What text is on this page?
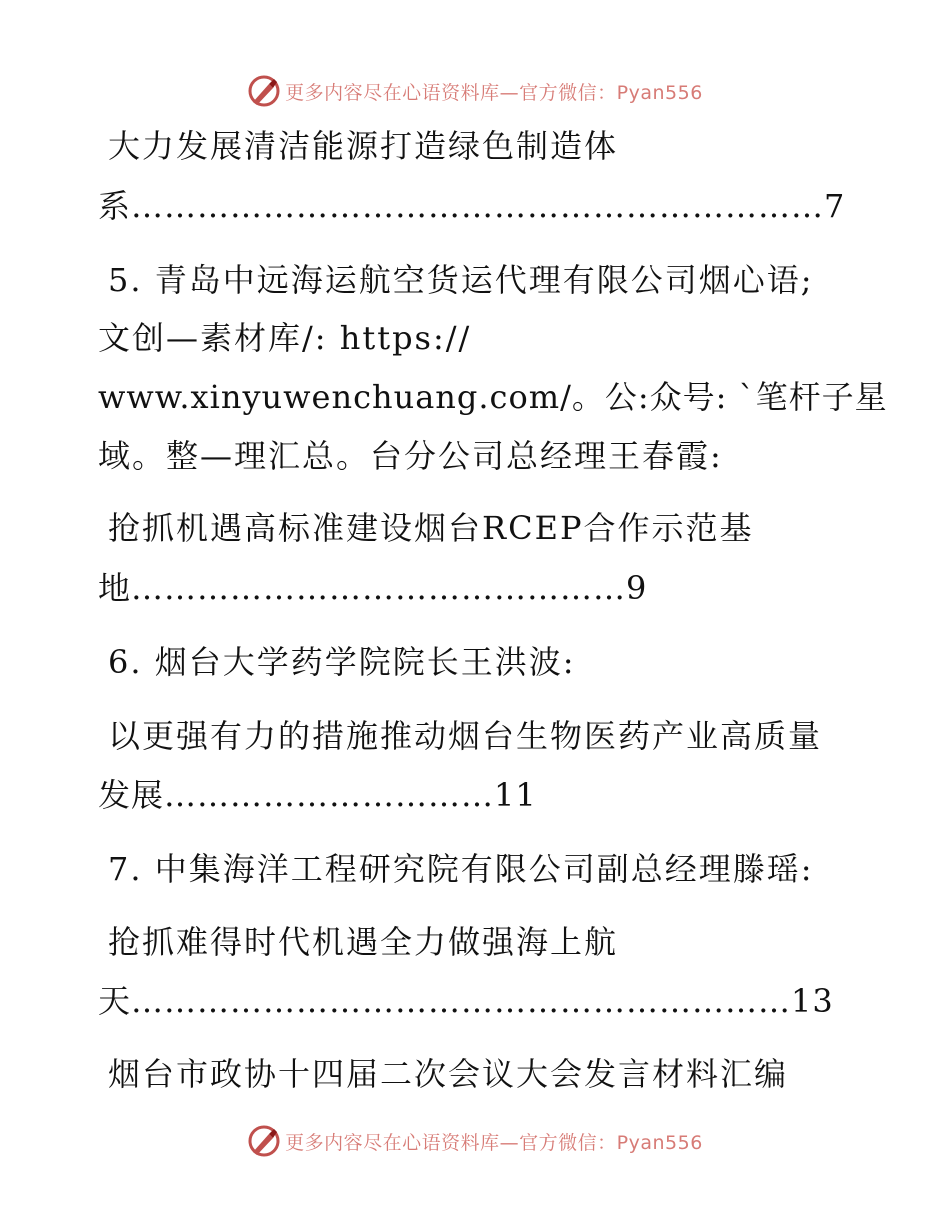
更多内容尽在心语资料库—官方微信：Pyan556
大力发展清洁能源打造绿色制造体
系………………………………………………………7
5. 青岛中远海运航空货运代理有限公司烟心语;
文创—素材库/: https://
www.xinyuwenchuang.com/。公:众号: `笔杆子星
域。整—理汇总。台分公司总经理王春霞:
抢抓机遇高标准建设烟台RCEP合作示范基
地………………………………………9
6. 烟台大学药学院院长王洪波:
以更强有力的措施推动烟台生物医药产业高质量
发展…………………………11
7. 中集海洋工程研究院有限公司副总经理滕瑶:
抢抓难得时代机遇全力做强海上航
天……………………………………………………13
烟台市政协十四届二次会议大会发言材料汇编
更多内容尽在心语资料库—官方微信：Pyan556
